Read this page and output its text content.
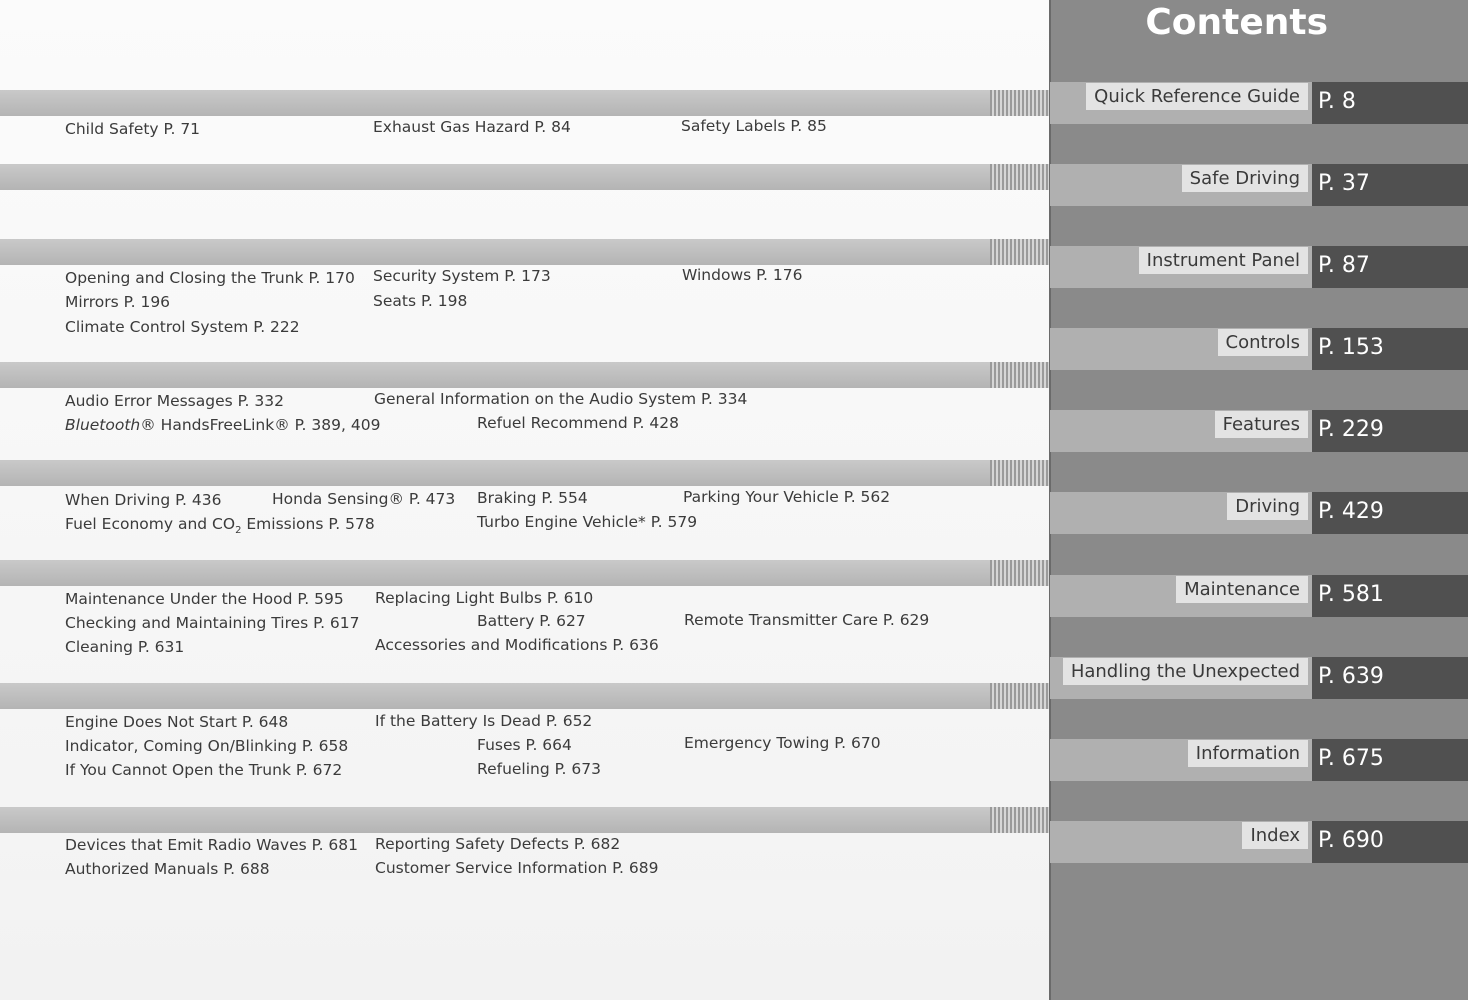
Child Safety P. 71	Exhaust Gas Hazard P. 84	Safety Labels P. 85
Opening and Closing the Trunk P. 170 Security System P. 173	Windows P. 176
Mirrors P. 196	Seats P. 198
Climate Control System P. 222
Audio Error Messages P. 332	General Information on the Audio System P. 334
Bluetooth® HandsFreeLink® P. 389, 409	Refuel Recommend P. 428
When Driving P. 436	Honda Sensing® P. 473 Braking P. 554	Parking Your Vehicle P. 562
Fuel Economy and $CO_2$ Emissions P. 578	Turbo Engine Vehicle* P. 579
Maintenance Under the Hood P. 595 Replacing Light Bulbs P. 610
Checking and Maintaining Tires P. 617	Battery P. 627	Remote Transmitter Care P. 629
Cleaning P. 631	Accessories and Modifications P. 636
Engine Does Not Start P. 648	If the Battery Is Dead P. 652
Indicator, Coming On/Blinking P. 658	Fuses P. 664	Emergency Towing P. 670
If You Cannot Open the Trunk P. 672	Refueling P. 673
Devices that Emit Radio Waves P. 681 Reporting Safety Defects P. 682
Authorized Manuals P. 688	Customer Service Information P. 689
Contents
Quick Reference Guide P. 8
Safe Driving P. 37
Instrument Panel P. 87
Controls P. 153
Features P. 229
Driving P. 429
Maintenance P. 581
Handling the Unexpected P. 639
Information P. 675
Index P. 690
